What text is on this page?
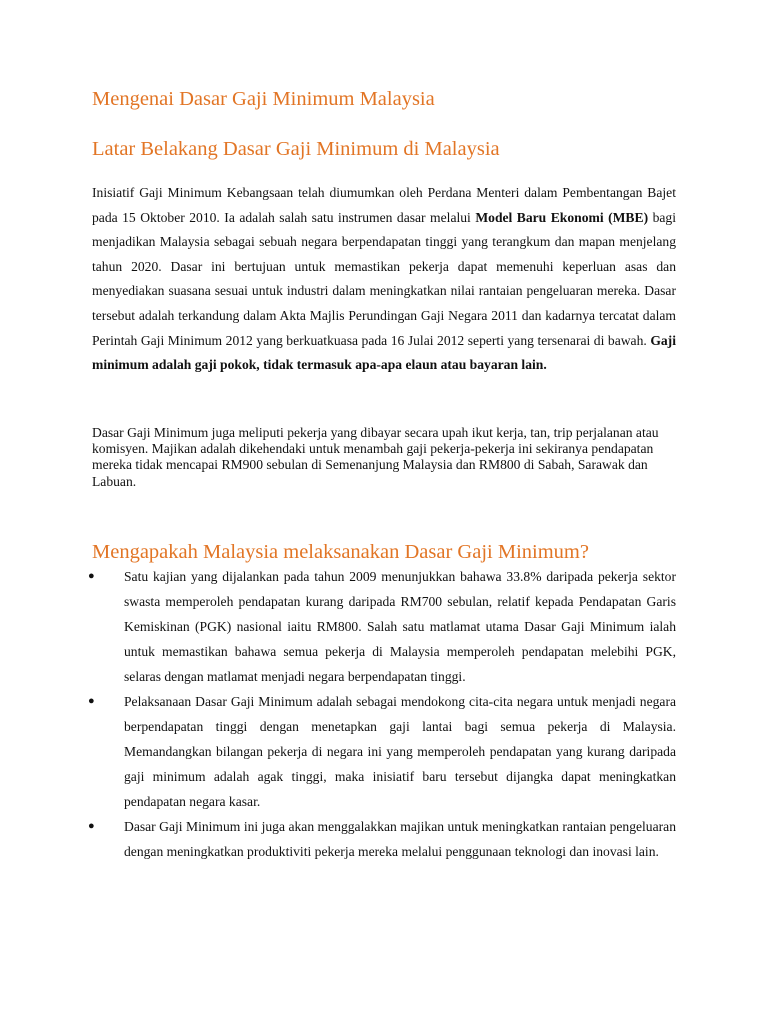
Mengenai Dasar Gaji Minimum Malaysia
Latar Belakang Dasar Gaji Minimum di Malaysia

Inisiatif Gaji Minimum Kebangsaan telah diumumkan oleh Perdana Menteri dalam Pembentangan Bajet pada 15 Oktober 2010. Ia adalah salah satu instrumen dasar melalui Model Baru Ekonomi (MBE) bagi menjadikan Malaysia sebagai sebuah negara berpendapatan tinggi yang terangkum dan mapan menjelang tahun 2020. Dasar ini bertujuan untuk memastikan pekerja dapat memenuhi keperluan asas dan menyediakan suasana sesuai untuk industri dalam meningkatkan nilai rantaian pengeluaran mereka. Dasar tersebut adalah terkandung dalam Akta Majlis Perundingan Gaji Negara 2011 dan kadarnya tercatat dalam Perintah Gaji Minimum 2012 yang berkuatkuasa pada 16 Julai 2012 seperti yang tersenarai di bawah. Gaji minimum adalah gaji pokok, tidak termasuk apa-apa elaun atau bayaran lain.

Dasar Gaji Minimum juga meliputi pekerja yang dibayar secara upah ikut kerja, tan, trip perjalanan atau komisyen. Majikan adalah dikehendaki untuk menambah gaji pekerja-pekerja ini sekiranya pendapatan mereka tidak mencapai RM900 sebulan di Semenanjung Malaysia dan RM800 di Sabah, Sarawak dan Labuan.

Mengapakah Malaysia melaksanakan Dasar Gaji Minimum?
●	Satu kajian yang dijalankan pada tahun 2009 menunjukkan bahawa 33.8% daripada pekerja sektor swasta memperoleh pendapatan kurang daripada RM700 sebulan, relatif kepada Pendapatan Garis Kemiskinan (PGK) nasional iaitu RM800. Salah satu matlamat utama Dasar Gaji Minimum ialah untuk memastikan bahawa semua pekerja di Malaysia memperoleh pendapatan melebihi PGK, selaras dengan matlamat menjadi negara berpendapatan tinggi.
●	Pelaksanaan Dasar Gaji Minimum adalah sebagai mendokong cita-cita negara untuk menjadi negara berpendapatan tinggi dengan menetapkan gaji lantai bagi semua pekerja di Malaysia. Memandangkan bilangan pekerja di negara ini yang memperoleh pendapatan yang kurang daripada gaji minimum adalah agak tinggi, maka inisiatif baru tersebut dijangka dapat meningkatkan pendapatan negara kasar.
●	Dasar Gaji Minimum ini juga akan menggalakkan majikan untuk meningkatkan rantaian pengeluaran dengan meningkatkan produktiviti pekerja mereka melalui penggunaan teknologi dan inovasi lain.
